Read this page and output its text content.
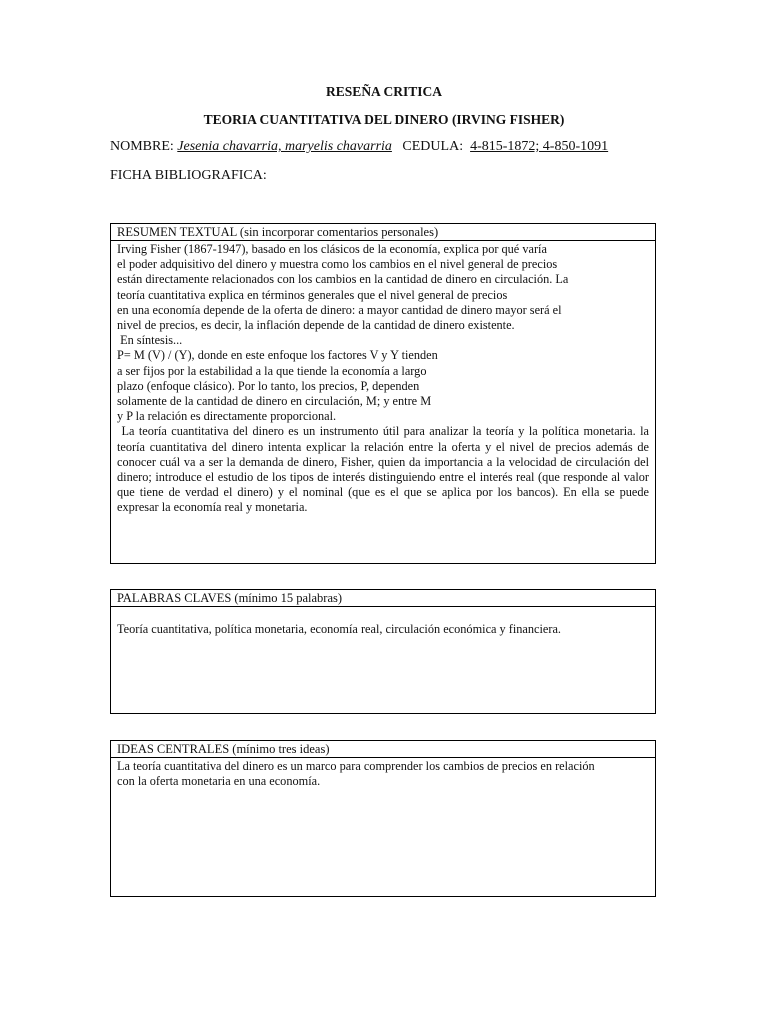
RESEÑA CRITICA
TEORIA CUANTITATIVA DEL DINERO (IRVING FISHER)
NOMBRE: Jesenia chavarria, maryelis chavarria CEDULA: 4-815-1872; 4-850-1091
FICHA BIBLIOGRAFICA:
RESUMEN TEXTUAL (sin incorporar comentarios personales)
Irving Fisher (1867-1947), basado en los clásicos de la economía, explica por qué varía
el poder adquisitivo del dinero y muestra como los cambios en el nivel general de precios
están directamente relacionados con los cambios en la cantidad de dinero en circulación. La
teoría cuantitativa explica en términos generales que el nivel general de precios
en una economía depende de la oferta de dinero: a mayor cantidad de dinero mayor será el
nivel de precios, es decir, la inflación depende de la cantidad de dinero existente.
En síntesis...
P= M (V) / (Y), donde en este enfoque los factores V y Y tienden
a ser fijos por la estabilidad a la que tiende la economía a largo
plazo (enfoque clásico). Por lo tanto, los precios, P, dependen
solamente de la cantidad de dinero en circulación, M; y entre M
y P la relación es directamente proporcional.
La teoría cuantitativa del dinero es un instrumento útil para analizar la teoría y la política monetaria. la teoría cuantitativa del dinero intenta explicar la relación entre la oferta y el nivel de precios además de conocer cuál va a ser la demanda de dinero, Fisher, quien da importancia a la velocidad de circulación del dinero; introduce el estudio de los tipos de interés distinguiendo entre el interés real (que responde al valor que tiene de verdad el dinero) y el nominal (que es el que se aplica por los bancos). En ella se puede expresar la economía real y monetaria.
PALABRAS CLAVES (mínimo 15 palabras)
Teoría cuantitativa, política monetaria, economía real, circulación económica y financiera.
IDEAS CENTRALES (mínimo tres ideas)
La teoría cuantitativa del dinero es un marco para comprender los cambios de precios en relación con la oferta monetaria en una economía.
